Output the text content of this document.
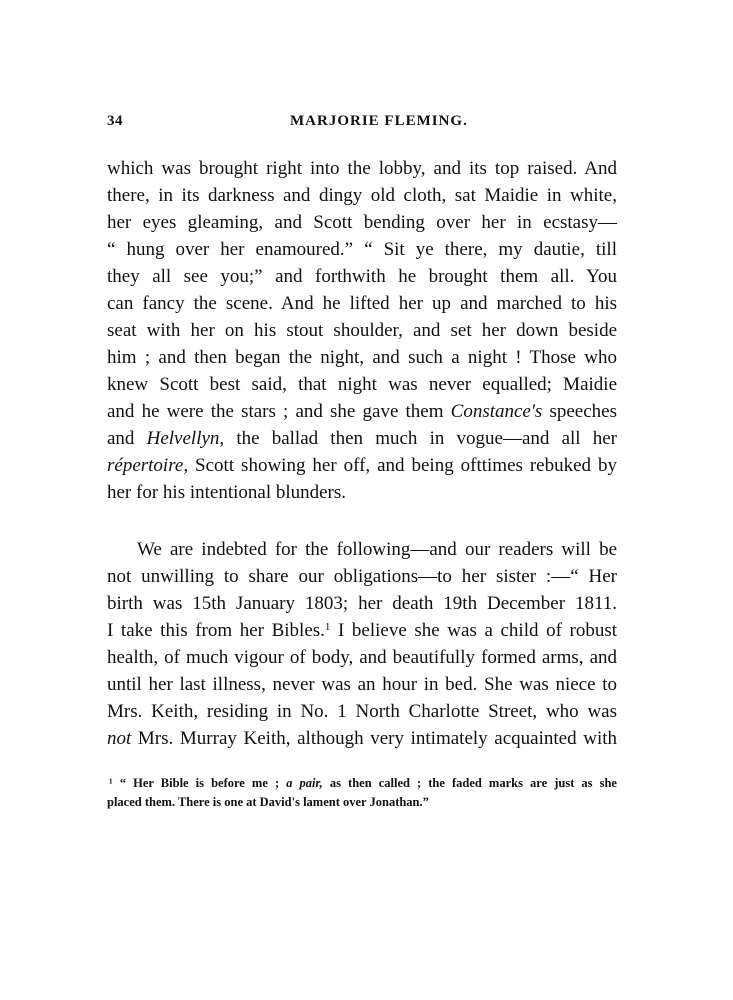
34	MARJORIE FLEMING.
which was brought right into the lobby, and its top raised. And
there, in its darkness and dingy old cloth, sat Maidie in white,
her eyes gleaming, and Scott bending over her in ecstasy—
“ hung over her enamoured.” “ Sit ye there, my dautie, till
they all see you;” and forthwith he brought them all. You
can fancy the scene. And he lifted her up and marched to his
seat with her on his stout shoulder, and set her down beside
him ; and then began the night, and such a night ! Those who
knew Scott best said, that night was never equalled; Maidie
and he were the stars ; and she gave them Constance's speeches
and Helvellyn, the ballad then much in vogue—and all her
répertoire, Scott showing her off, and being ofttimes rebuked by
her for his intentional blunders.
We are indebted for the following—and our readers will be
not unwilling to share our obligations—to her sister :—“ Her
birth was 15th January 1803; her death 19th December 1811.
I take this from her Bibles.$^1$ I believe she was a child of robust
health, of much vigour of body, and beautifully formed arms, and
until her last illness, never was an hour in bed. She was niece to
Mrs. Keith, residing in No. 1 North Charlotte Street, who was
not Mrs. Murray Keith, although very intimately acquainted with
¹ “ Her Bible is before me ; a pair, as then called ; the faded marks are just as she
placed them. There is one at David's lament over Jonathan.”
